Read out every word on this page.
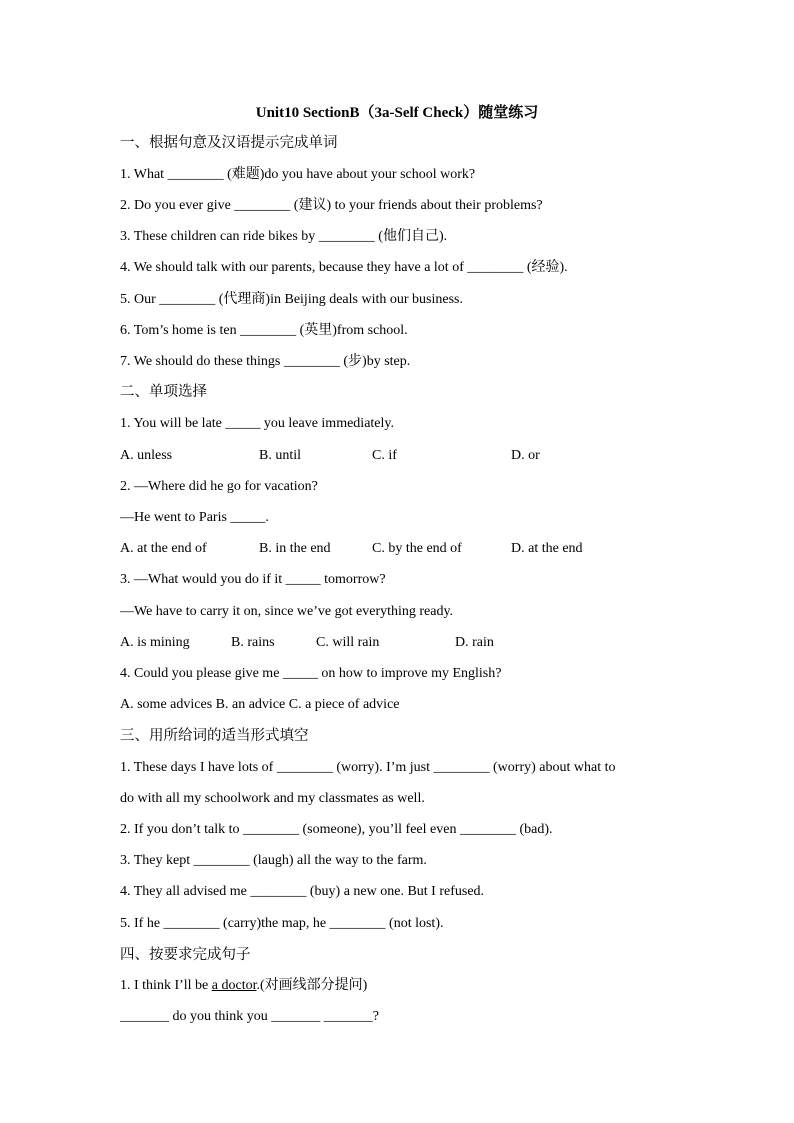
Unit10 SectionB（3a-Self Check）随堂练习
一、根据句意及汉语提示完成单词
1. What ________ (难题)do you have about your school work?
2. Do you ever give ________ (建议) to your friends about their problems?
3. These children can ride bikes by ________ (他们自己).
4. We should talk with our parents, because they have a lot of ________ (经验).
5. Our ________ (代理商)in Beijing deals with our business.
6. Tom’s home is ten ________ (英里)from school.
7. We should do these things ________ (步)by step.
二、单项选择
1. You will be late _____ you leave immediately.
A. unless	B. until	C. if	D. or
2. —Where did he go for vacation?
—He went to Paris _____.
A. at the end of	B. in the end	C. by the end of	D. at the end
3. —What would you do if it _____ tomorrow?
—We have to carry it on, since we’ve got everything ready.
A. is mining	B. rains	C. will rain	D. rain
4. Could you please give me _____ on how to improve my English?
A. some advices B. an advice C. a piece of advice
三、用所给词的适当形式填空
1. These days I have lots of ________ (worry). I’m just ________ (worry) about what to
do with all my schoolwork and my classmates as well.
2. If you don’t talk to ________ (someone), you’ll feel even ________ (bad).
3. They kept ________ (laugh) all the way to the farm.
4. They all advised me ________ (buy) a new one. But I refused.
5. If he ________ (carry)the map, he ________ (not lost).
四、按要求完成句子
1. I think I’ll be a doctor.(对画线部分提问)
_______ do you think you _______ _______?
